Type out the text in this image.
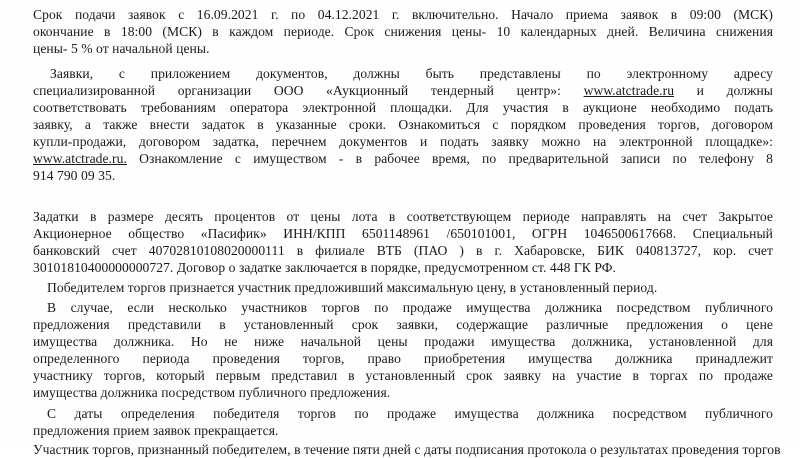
Срок подачи заявок с 16.09.2021 г. по 04.12.2021 г. включительно. Начало приема заявок в 09:00 (МСК)
окончание в 18:00 (МСК) в каждом периоде. Срок снижения цены- 10 календарных дней. Величина снижения
цены- 5 % от начальной цены.
Заявки, с приложением документов, должны быть представлены по электронному адресу
специализированной организации ООО «Аукционный тендерный центр»: www.atctrade.ru и должны
соответствовать требованиям оператора электронной площадки. Для участия в аукционе необходимо подать
заявку, а также внести задаток в указанные сроки. Ознакомиться с порядком проведения торгов, договором
купли-продажи, договором задатка, перечнем документов и подать заявку можно на электронной площадке»:
www.atctrade.ru. Ознакомление с имуществом - в рабочее время, по предварительной записи по телефону 8
914 790 09 35.
Задатки в размере десять процентов от цены лота в соответствующем периоде направлять на счет Закрытое
Акционерное общество «Пасифик» ИНН/КПП 6501148961 /650101001, ОГРН 1046500617668. Специальный
банковский счет 40702810108020000111 в филиале ВТБ (ПАО ) в г. Хабаровске, БИК 040813727, кор. счет
30101810400000000727. Договор о задатке заключается в порядке, предусмотренном ст. 448 ГК РФ.
Победителем торгов признается участник предложивший максимальную цену, в установленный период.
В случае, если несколько участников торгов по продаже имущества должника посредством публичного
предложения представили в установленный срок заявки, содержащие различные предложения о цене
имущества должника. Но не ниже начальной цены продажи имущества должника, установленной для
определенного периода проведения торгов, право приобретения имущества должника принадлежит
участнику торгов, который первым представил в установленный срок заявку на участие в торгах по продаже
имущества должника посредством публичного предложения.
С даты определения победителя торгов по продаже имущества должника посредством публичного
предложения прием заявок прекращается.
Участник торгов, признанный победителем, в течение пяти дней с даты подписания протокола о результатах проведения торгов
